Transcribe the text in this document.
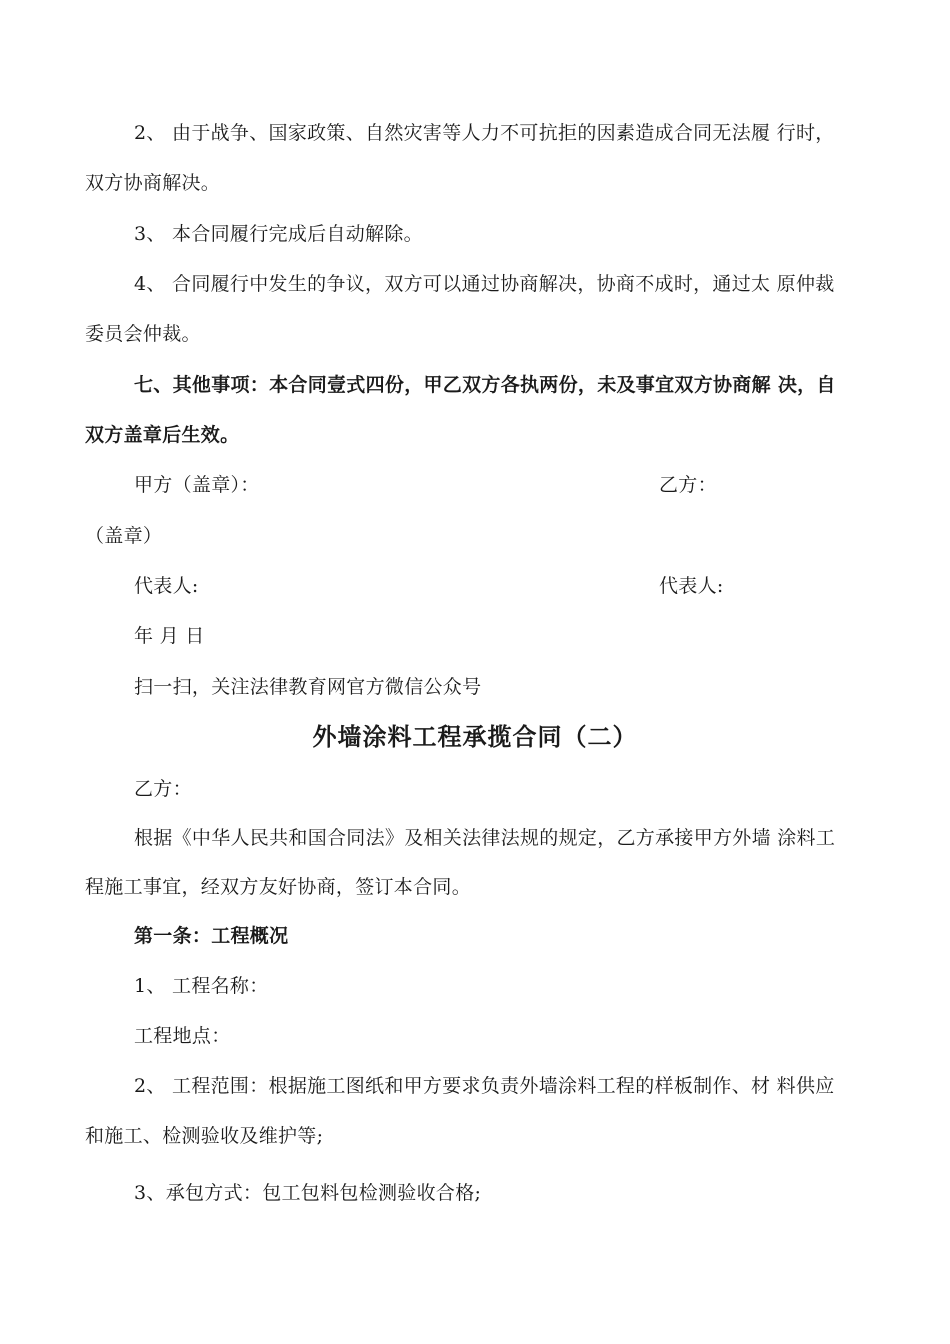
2、 由于战争、国家政策、自然灾害等人力不可抗拒的因素造成合同无法履 行时，
双方协商解决。
3、 本合同履行完成后自动解除。
4、 合同履行中发生的争议，双方可以通过协商解决，协商不成时，通过太 原仲裁
委员会仲裁。
七、其他事项：本合同壹式四份，甲乙双方各执两份，未及事宜双方协商解 决，自
双方盖章后生效。
甲方（盖章）：	乙方：
（盖章）
代表人:	代表人:
年 月 日
扫一扫，关注法律教育网官方微信公众号
外墙涂料工程承揽合同（二）
乙方：
根据《中华人民共和国合同法》及相关法律法规的规定，乙方承接甲方外墙 涂料工
程施工事宜，经双方友好协商，签订本合同。
第一条：工程概况
1、 工程名称：
工程地点：
2、 工程范围：根据施工图纸和甲方要求负责外墙涂料工程的样板制作、材 料供应
和施工、检测验收及维护等;
3、承包方式：包工包料包检测验收合格;
